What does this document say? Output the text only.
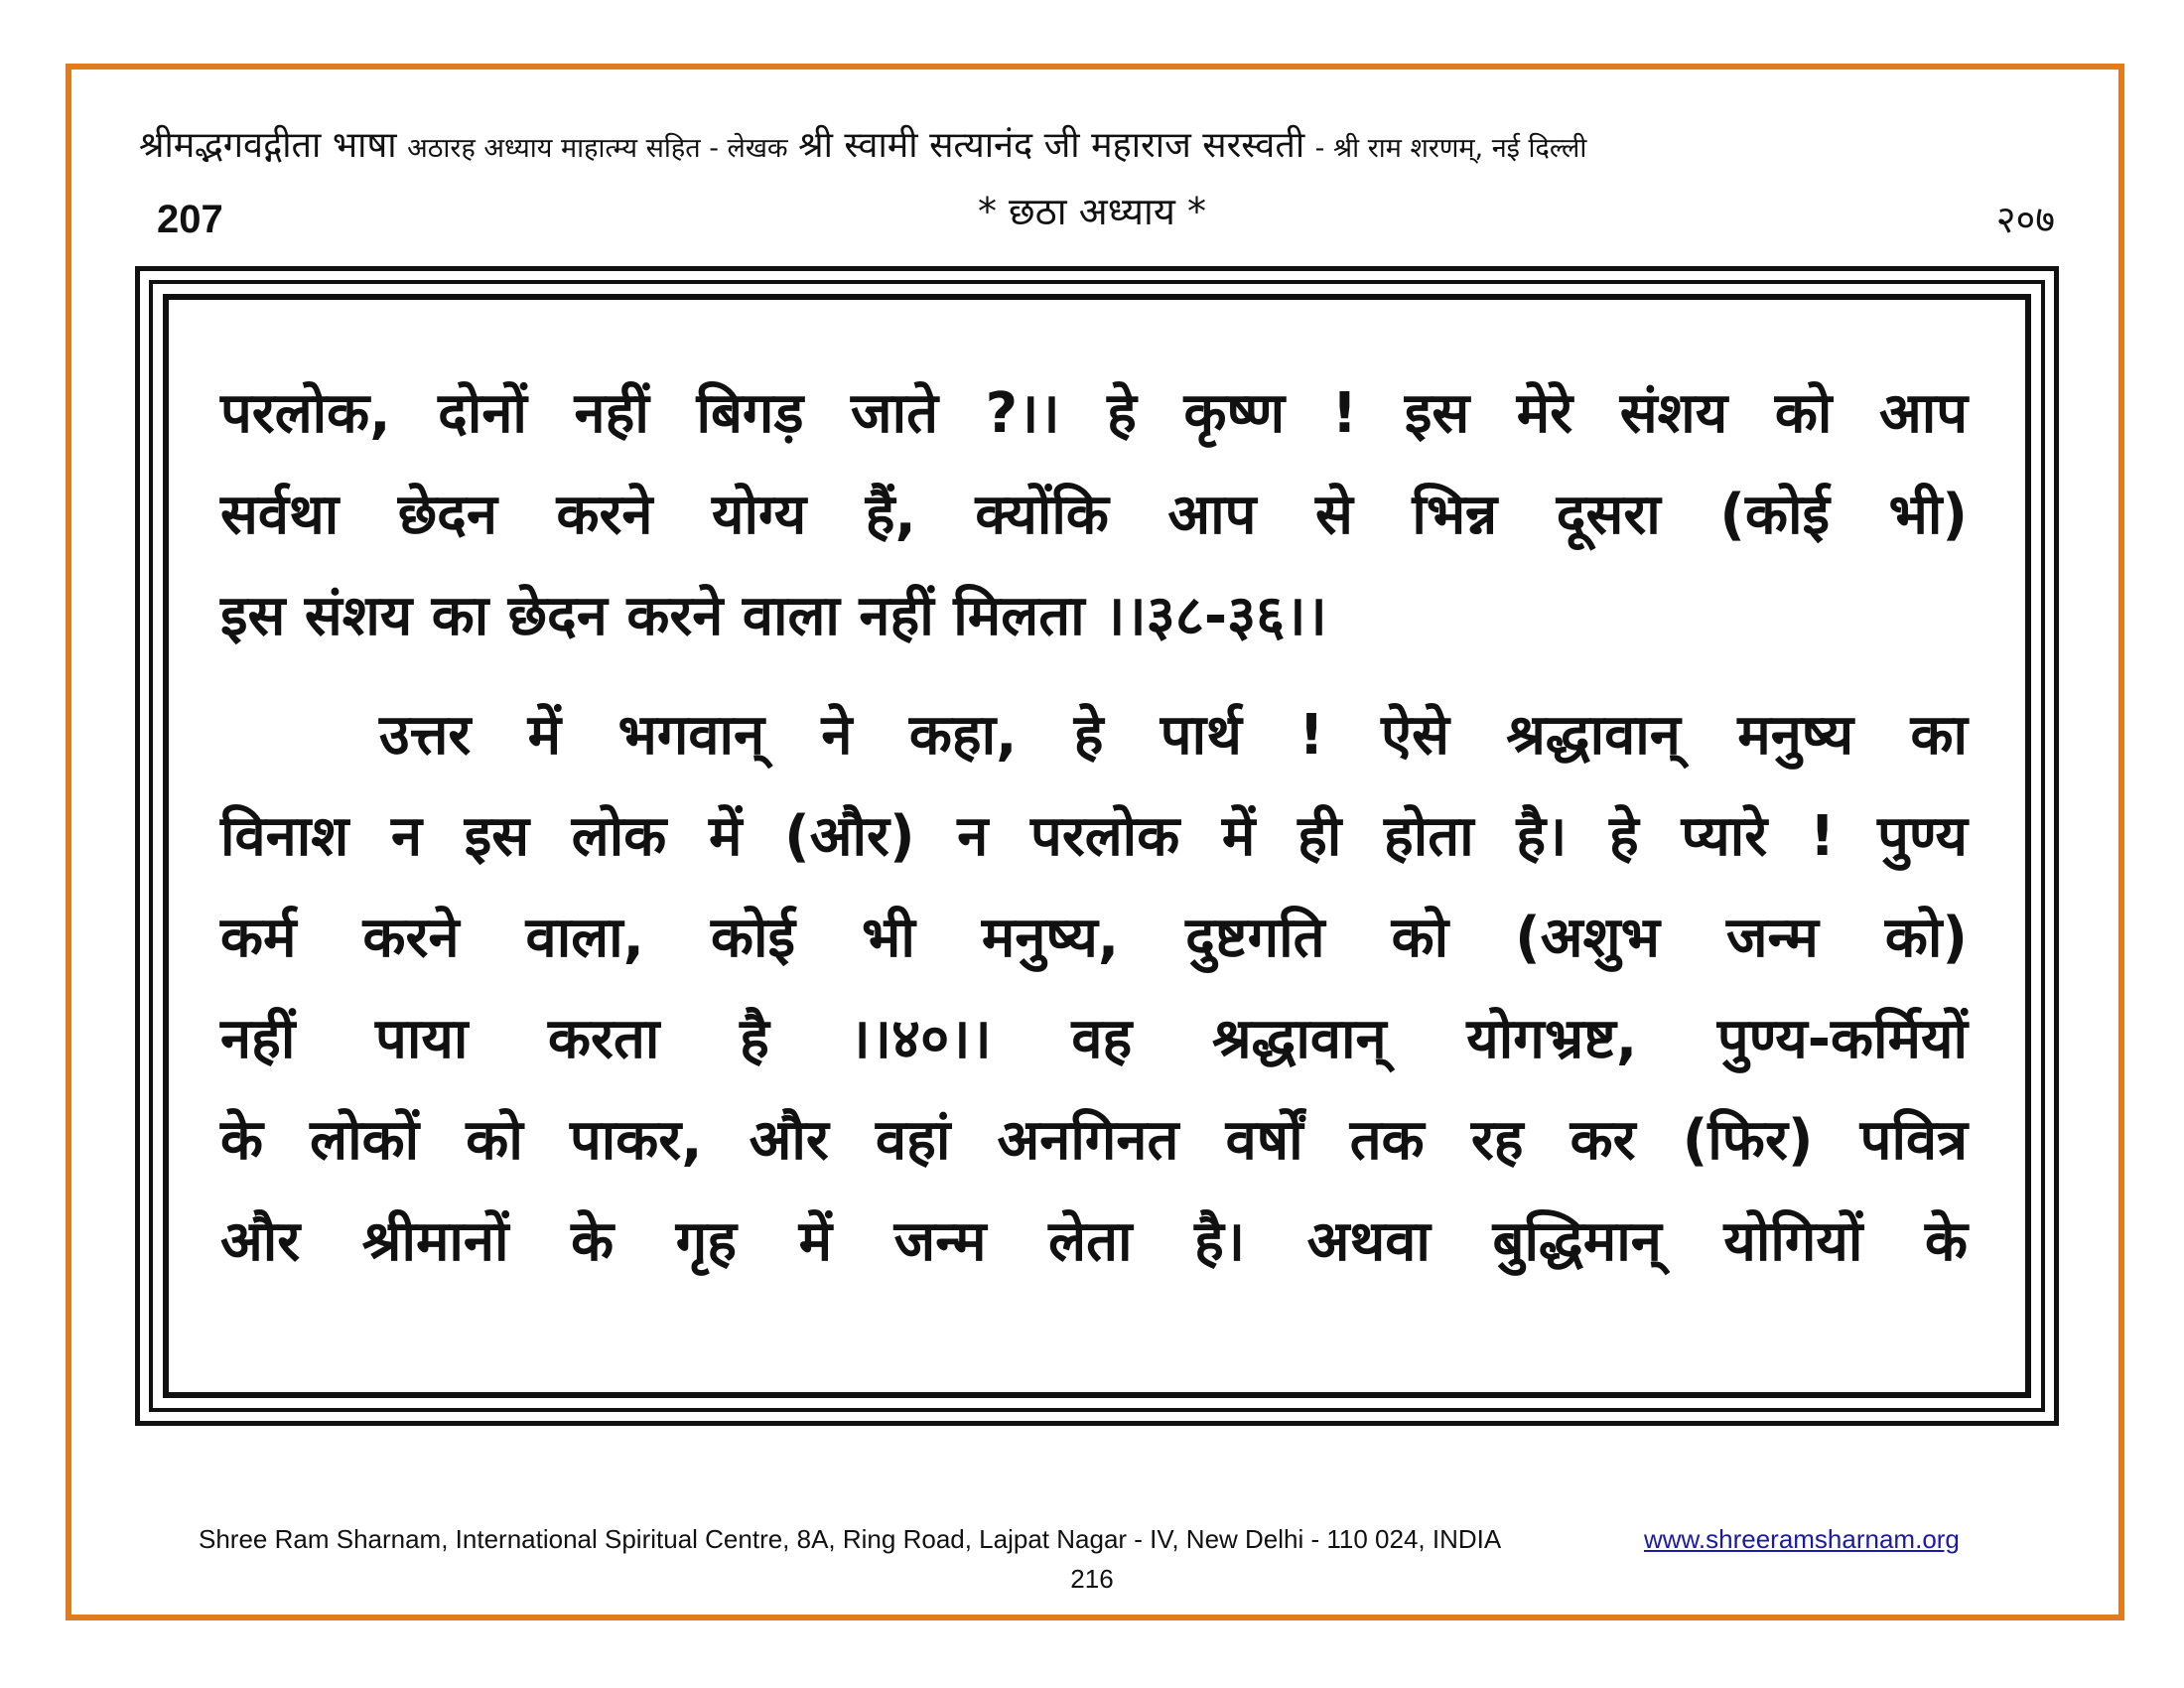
श्रीमद्भगवद्गीता भाषा अठारह अध्याय माहात्म्य सहित - लेखक श्री स्वामी सत्यानंद जी महाराज सरस्वती - श्री राम शरणम्, नई दिल्ली
207	* छठा अध्याय *	२०७
परलोक, दोनों नहीं बिगड़ जाते ?।। हे कृष्ण ! इस मेरे संशय को आप
सर्वथा छेदन करने योग्य हैं, क्योंकि आप से भिन्न दूसरा (कोई भी)
इस संशय का छेदन करने वाला नहीं मिलता ।।३८-३६।।
उत्तर में भगवान् ने कहा, हे पार्थ ! ऐसे श्रद्धावान् मनुष्य का
विनाश न इस लोक में (और) न परलोक में ही होता है। हे प्यारे ! पुण्य
कर्म करने वाला, कोई भी मनुष्य, दुष्टगति को (अशुभ जन्म को)
नहीं पाया करता है ।।४०।। वह श्रद्धावान् योगभ्रष्ट, पुण्य-कर्मियों
के लोकों को पाकर, और वहां अनगिनत वर्षों तक रह कर (फिर) पवित्र
और श्रीमानों के गृह में जन्म लेता है। अथवा बुद्धिमान् योगियों के
Shree Ram Sharnam, International Spiritual Centre, 8A, Ring Road, Lajpat Nagar - IV, New Delhi - 110 024, INDIA	www.shreeramsharnam.org
216
